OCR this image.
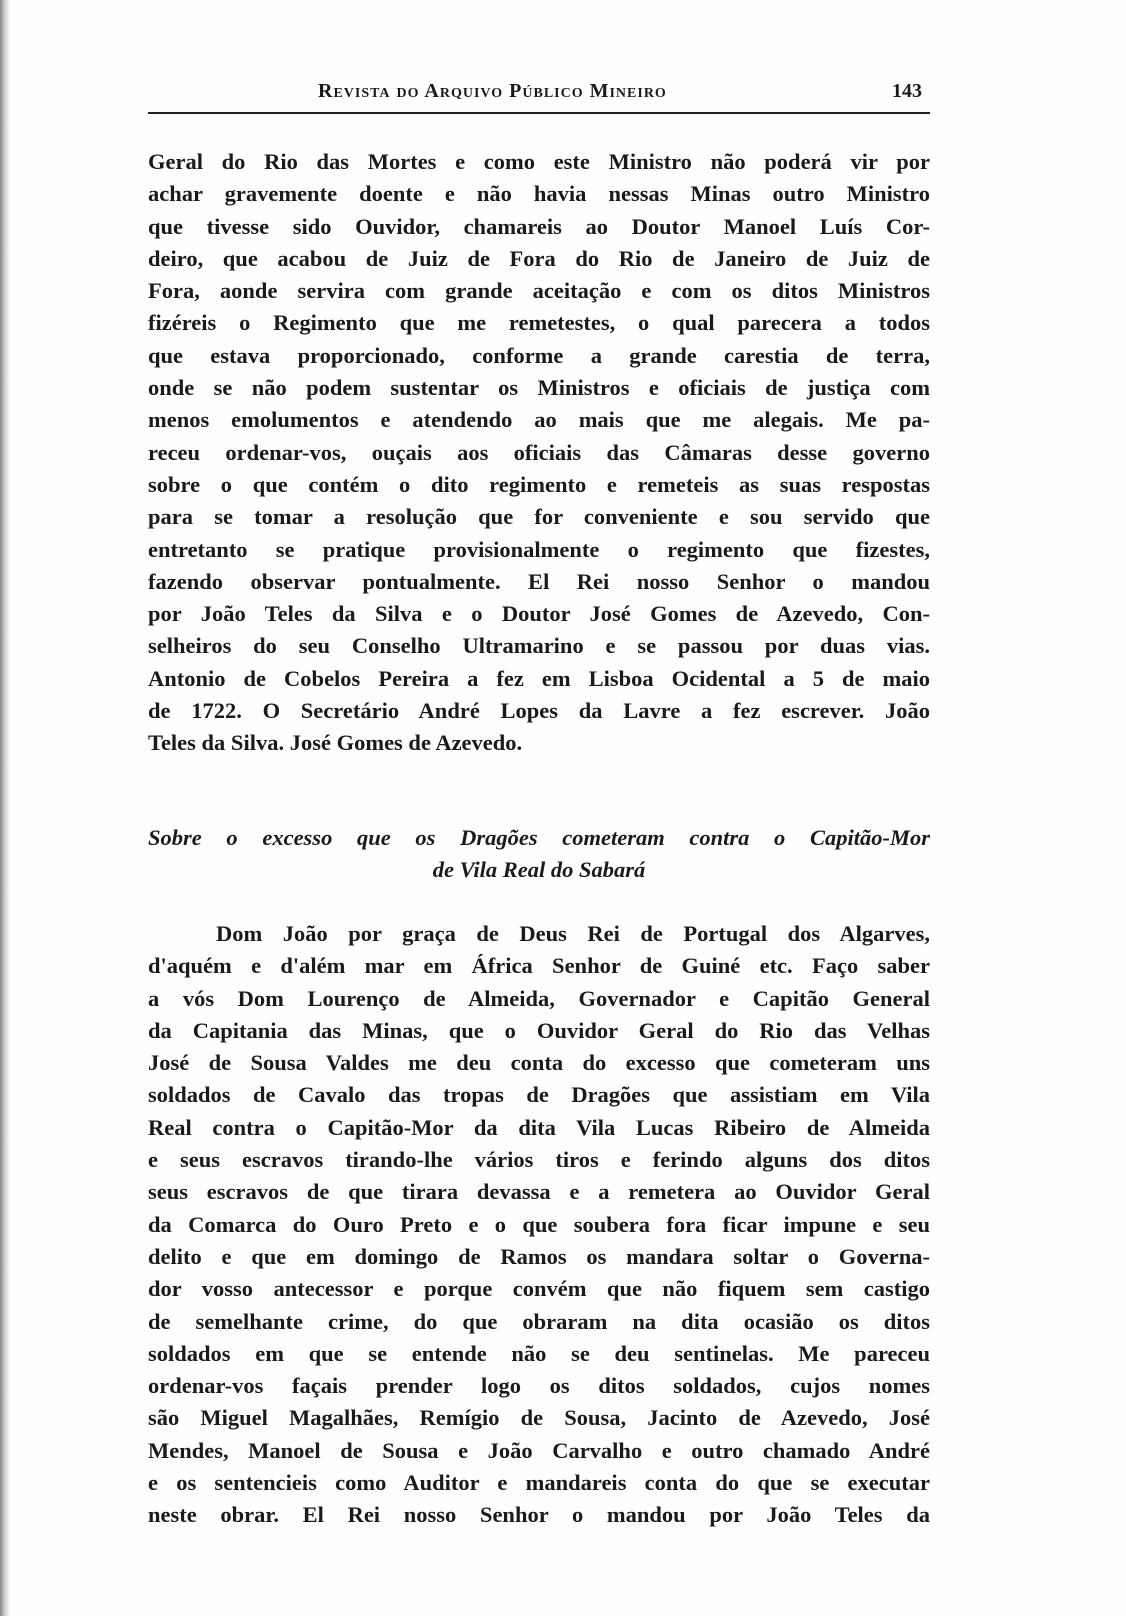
Revista do Arquivo Público Mineiro	143
Geral do Rio das Mortes e como este Ministro não poderá vir por
achar gravemente doente e não havia nessas Minas outro Ministro
que tivesse sido Ouvidor, chamareis ao Doutor Manoel Luís Cor-
deiro, que acabou de Juiz de Fora do Rio de Janeiro de Juiz de
Fora, aonde servira com grande aceitação e com os ditos Ministros
fizéreis o Regimento que me remetestes, o qual parecera a todos
que estava proporcionado, conforme a grande carestia de terra,
onde se não podem sustentar os Ministros e oficiais de justiça com
menos emolumentos e atendendo ao mais que me alegais. Me pa-
receu ordenar-vos, ouçais aos oficiais das Câmaras desse governo
sobre o que contém o dito regimento e remeteis as suas respostas
para se tomar a resolução que for conveniente e sou servido que
entretanto se pratique provisionalmente o regimento que fizestes,
fazendo observar pontualmente. El Rei nosso Senhor o mandou
por João Teles da Silva e o Doutor José Gomes de Azevedo, Con-
selheiros do seu Conselho Ultramarino e se passou por duas vias.
Antonio de Cobelos Pereira a fez em Lisboa Ocidental a 5 de maio
de 1722. O Secretário André Lopes da Lavre a fez escrever. João
Teles da Silva. José Gomes de Azevedo.
Sobre o excesso que os Dragões cometeram contra o Capitão-Mor
de Vila Real do Sabará
Dom João por graça de Deus Rei de Portugal dos Algarves,
d'aquém e d'além mar em África Senhor de Guiné etc. Faço saber
a vós Dom Lourenço de Almeida, Governador e Capitão General
da Capitania das Minas, que o Ouvidor Geral do Rio das Velhas
José de Sousa Valdes me deu conta do excesso que cometeram uns
soldados de Cavalo das tropas de Dragões que assistiam em Vila
Real contra o Capitão-Mor da dita Vila Lucas Ribeiro de Almeida
e seus escravos tirando-lhe vários tiros e ferindo alguns dos ditos
seus escravos de que tirara devassa e a remetera ao Ouvidor Geral
da Comarca do Ouro Preto e o que soubera fora ficar impune e seu
delito e que em domingo de Ramos os mandara soltar o Governa-
dor vosso antecessor e porque convém que não fiquem sem castigo
de semelhante crime, do que obraram na dita ocasião os ditos
soldados em que se entende não se deu sentinelas. Me pareceu
ordenar-vos façais prender logo os ditos soldados, cujos nomes
são Miguel Magalhães, Remígio de Sousa, Jacinto de Azevedo, José
Mendes, Manoel de Sousa e João Carvalho e outro chamado André
e os sentencieis como Auditor e mandareis conta do que se executar
neste obrar. El Rei nosso Senhor o mandou por João Teles da
